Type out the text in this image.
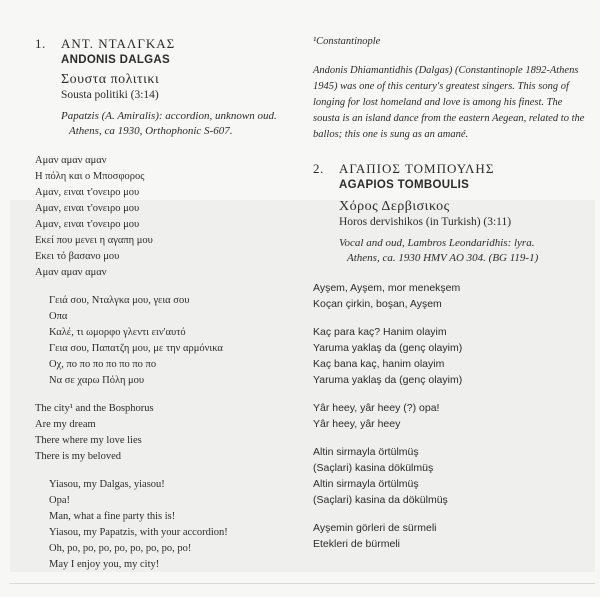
1.	ΑΝΤ. ΝΤΑΛΓΚΑΣ
ANDONIS DALGAS
Σουστα πολιτικι
Sousta politiki (3:14)
Papatzis (A. Amiralis): accordion, unknown oud.
Athens, ca 1930, Orthophonic S-607.
Αμαν αμαν αμαν
Η πόλη και ο Μποσφορος
Αμαν, ειναι τ'ονειρο μου
Αμαν, ειναι τ'ονειρο μου
Αμαν, ειναι τ'ονειρο μου
Εκεί που μενει η αγαπη μου
Εκει τό βασανο μου
Αμαν αμαν αμαν
Γειά σου, Νταλγκα μου, γεια σου
Οπα
Καλέ, τι ωμορφο γλεντι ειν'αυτό
Γεια σου, Παπατζη μου, με την αρμόνικα
Οχ, πο πο πο πο πο πο πο
Να σε χαρω Πόλη μου
The city¹ and the Bosphorus
Are my dream
There where my love lies
There is my beloved
Yiasou, my Dalgas, yiasou!
Opa!
Man, what a fine party this is!
Yiasou, my Papatzis, with your accordion!
Oh, po, po, po, po, po, po, po, po!
May I enjoy you, my city!
¹Constantinople
Andonis Dhiamantidhis (Dalgas) (Constantinople 1892-Athens 1945) was one of this century's greatest singers. This song of longing for lost homeland and love is among his finest. The sousta is an island dance from the eastern Aegean, related to the ballos; this one is sung as an amané.
2.	ΑΓΑΠΙΟΣ ΤΟΜΠΟΥΛΗΣ
AGAPIOS TOMBOULIS
Χόρος Δερβισικος
Horos dervishikos (in Turkish) (3:11)
Vocal and oud, Lambros Leondaridhis: lyra.
Athens, ca. 1930 HMV AO 304. (BG 119-1)
Ayşem, Ayşem, mor menekşem
Koçan çirkin, boşan, Ayşem
Kaç para kaç? Hanim olayim
Yaruma yaklaş da (genç olayim)
Kaç bana kaç, hanim olayim
Yaruma yaklaş da (genç olayim)
Yâr heey, yâr heey (?) opa!
Yâr heey, yâr heey
Altin sirmayla örtülmüş
(Saçlari) kasina dökülmüş
Altin sirmayla örtülmüş
(Saçlari) kasina da dökülmüş
Ayşemin görleri de sürmeli
Etekleri de bürmeli
